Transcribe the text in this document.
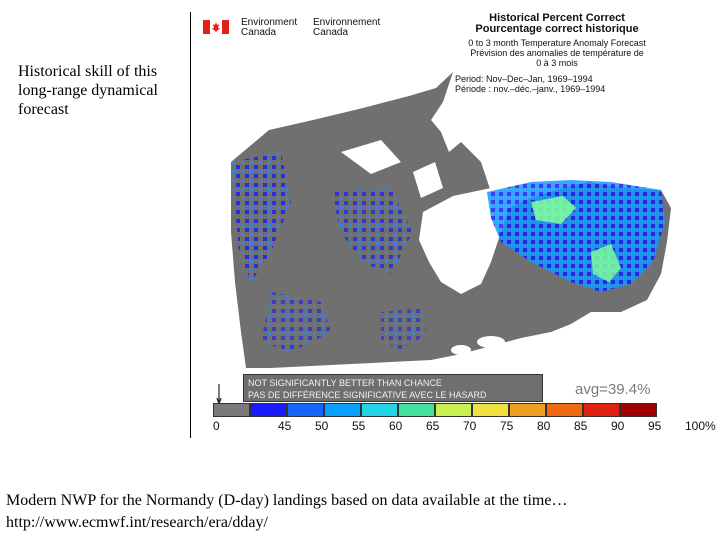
Historical skill of this long-range dynamical forecast
Environment
Canada
Environnement
Canada
Historical Percent Correct
Pourcentage correct historique
0 to 3 month Temperature Anomaly Forecast
Prévision des anomalies de température de
0 à 3 mois
Period: Nov–Dec–Jan, 1969–1994
Période : nov.–déc.–janv., 1969–1994
NOT SIGNIFICANTLY BETTER THAN CHANCE
PAS DE DIFFÉRENCE SIGNIFICATIVE AVEC LE HASARD	avg=39.4%
0	45 50 55 60 65 70 75 80 85 90 95 100%
Modern NWP for the Normandy (D-day) landings based on data available at the time… http://www.ecmwf.int/research/era/dday/
